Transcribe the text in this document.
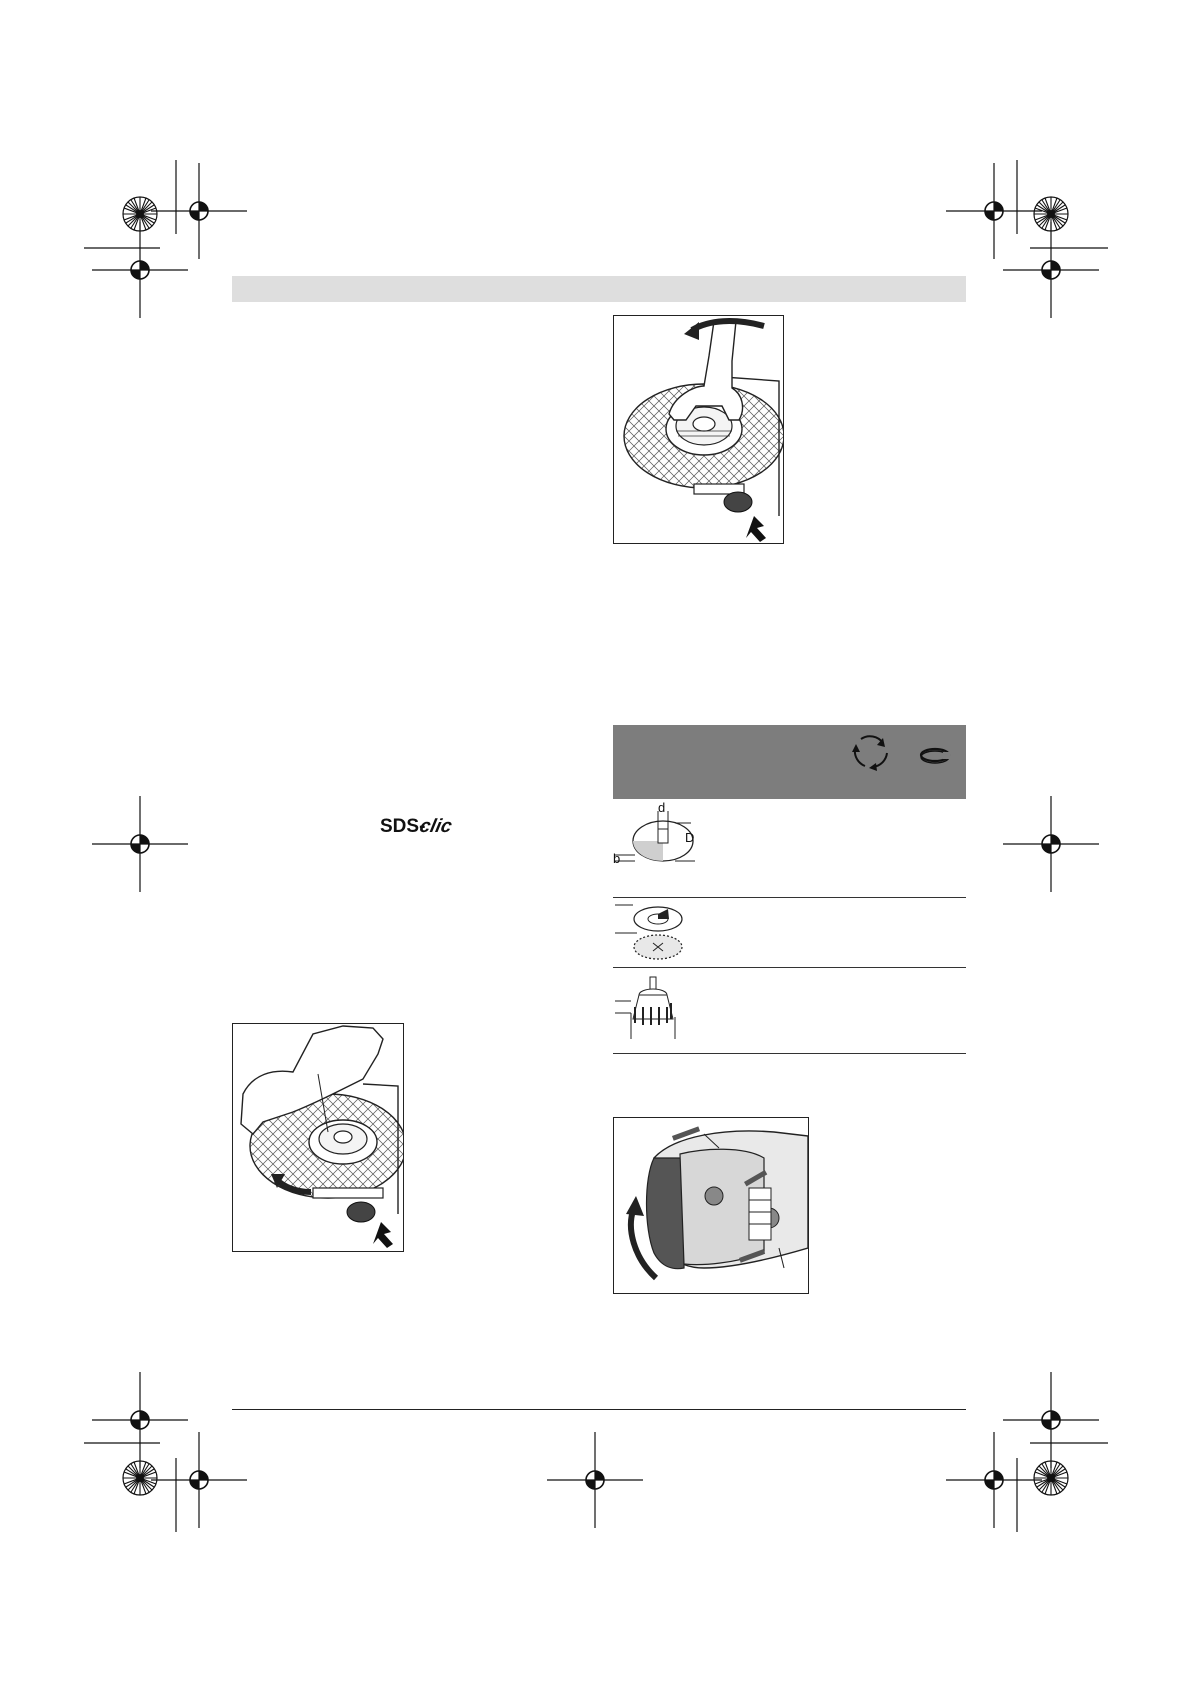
SDS-
clic
d
D
b
